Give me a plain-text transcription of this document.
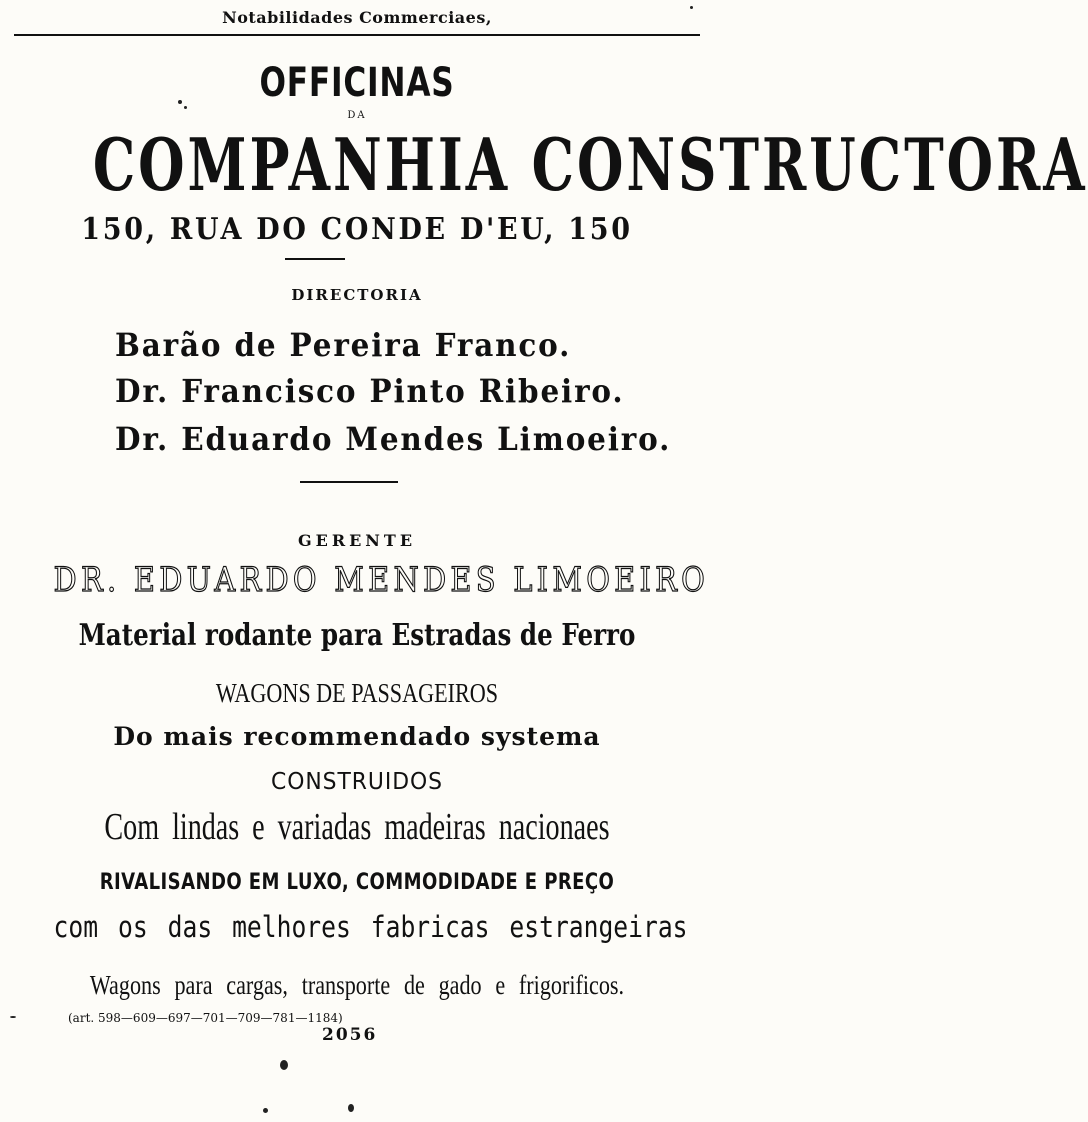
Notabilidades Commerciaes,
OFFICINAS
DA
COMPANHIA CONSTRUCTORA
150, RUA DO CONDE D'EU, 150
DIRECTORIA
Barão de Pereira Franco.
Dr. Francisco Pinto Ribeiro.
Dr. Eduardo Mendes Limoeiro.
GERENTE
DR. EDUARDO MENDES LIMOEIRO
Material rodante para Estradas de Ferro
WAGONS DE PASSAGEIROS
Do mais recommendado systema
CONSTRUIDOS
Com lindas e variadas madeiras nacionaes
RIVALISANDO EM LUXO, COMMODIDADE E PREÇO
com os das melhores fabricas estrangeiras
Wagons para cargas, transporte de gado e frigorificos.
(art. 598—609—697—701—709—781—1184)
2056
